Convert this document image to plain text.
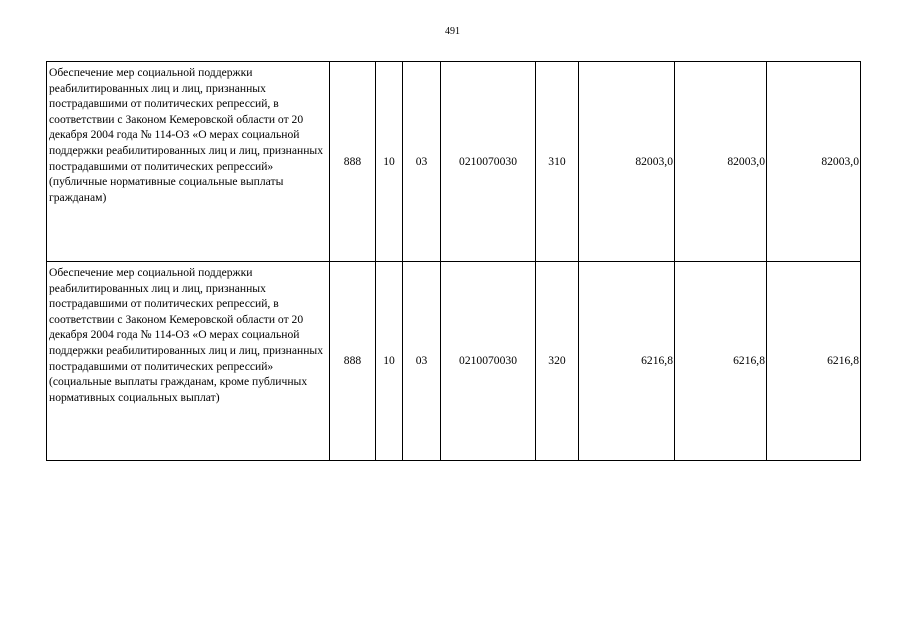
491
Обеспечение мер социальной поддержки реабилитированных лиц и лиц, признанных пострадавшими от политических репрессий, в соответствии с Законом Кемеровской области от 20 декабря 2004 года № 114-ОЗ «О мерах социальной поддержки реабилитированных лиц и лиц, признанных пострадавшими от политических репрессий» (публичные нормативные социальные выплаты гражданам)	888	10	03	0210070030	310	82003,0	82003,0	82003,0
Обеспечение мер социальной поддержки реабилитированных лиц и лиц, признанных пострадавшими от политических репрессий, в соответствии с Законом Кемеровской области от 20 декабря 2004 года № 114-ОЗ «О мерах социальной поддержки реабилитированных лиц и лиц, признанных пострадавшими от политических репрессий» (социальные выплаты гражданам, кроме публичных нормативных социальных выплат)	888	10	03	0210070030	320	6216,8	6216,8	6216,8
